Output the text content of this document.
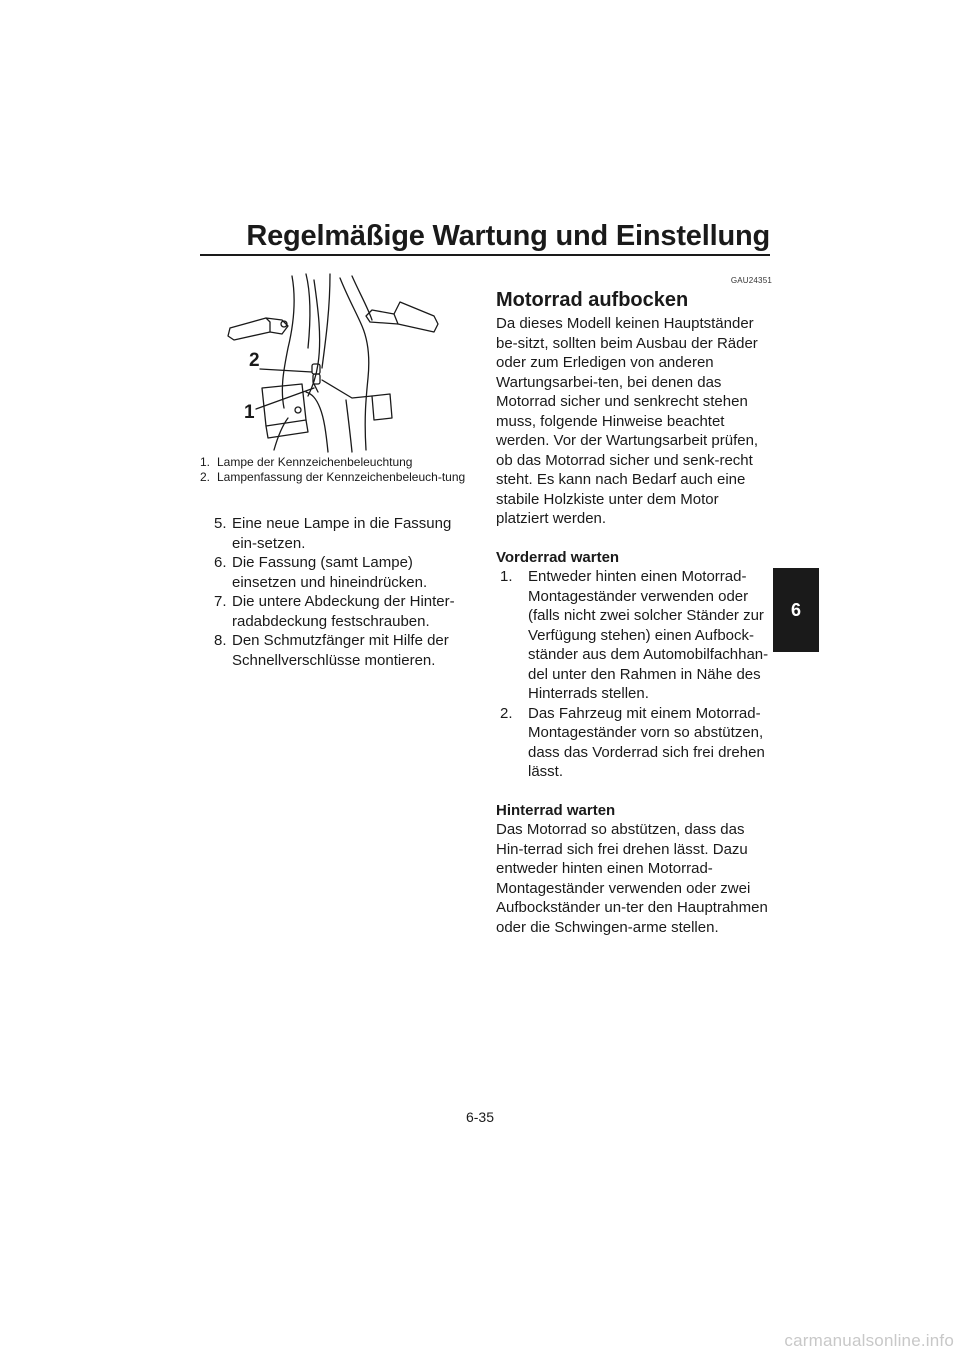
Regelmäßige Wartung und Einstellung
6
2
1
1. Lampe der Kennzeichenbeleuchtung
2. Lampenfassung der Kennzeichenbeleuch-tung
5. Eine neue Lampe in die Fassung ein-setzen.
6. Die Fassung (samt Lampe) einsetzen und hineindrücken.
7. Die untere Abdeckung der Hinter-radabdeckung festschrauben.
8. Den Schmutzfänger mit Hilfe der Schnellverschlüsse montieren.
GAU24351
Motorrad aufbocken
Da dieses Modell keinen Hauptständer be-sitzt, sollten beim Ausbau der Räder oder zum Erledigen von anderen Wartungsarbei-ten, bei denen das Motorrad sicher und senkrecht stehen muss, folgende Hinweise beachtet werden. Vor der Wartungsarbeit prüfen, ob das Motorrad sicher und senk-recht steht. Es kann nach Bedarf auch eine stabile Holzkiste unter dem Motor platziert werden.
Vorderrad warten
1.	Entweder hinten einen Motorrad-Montageständer verwenden oder (falls nicht zwei solcher Ständer zur Verfügung stehen) einen Aufbock-ständer aus dem Automobilfachhan-del unter den Rahmen in Nähe des Hinterrads stellen.
2.	Das Fahrzeug mit einem Motorrad-Montageständer vorn so abstützen, dass das Vorderrad sich frei drehen lässt.
Hinterrad warten
Das Motorrad so abstützen, dass das Hin-terrad sich frei drehen lässt. Dazu entweder hinten einen Motorrad-Montageständer verwenden oder zwei Aufbockständer un-ter den Hauptrahmen oder die Schwingen-arme stellen.
6-35
carmanualsonline.info
